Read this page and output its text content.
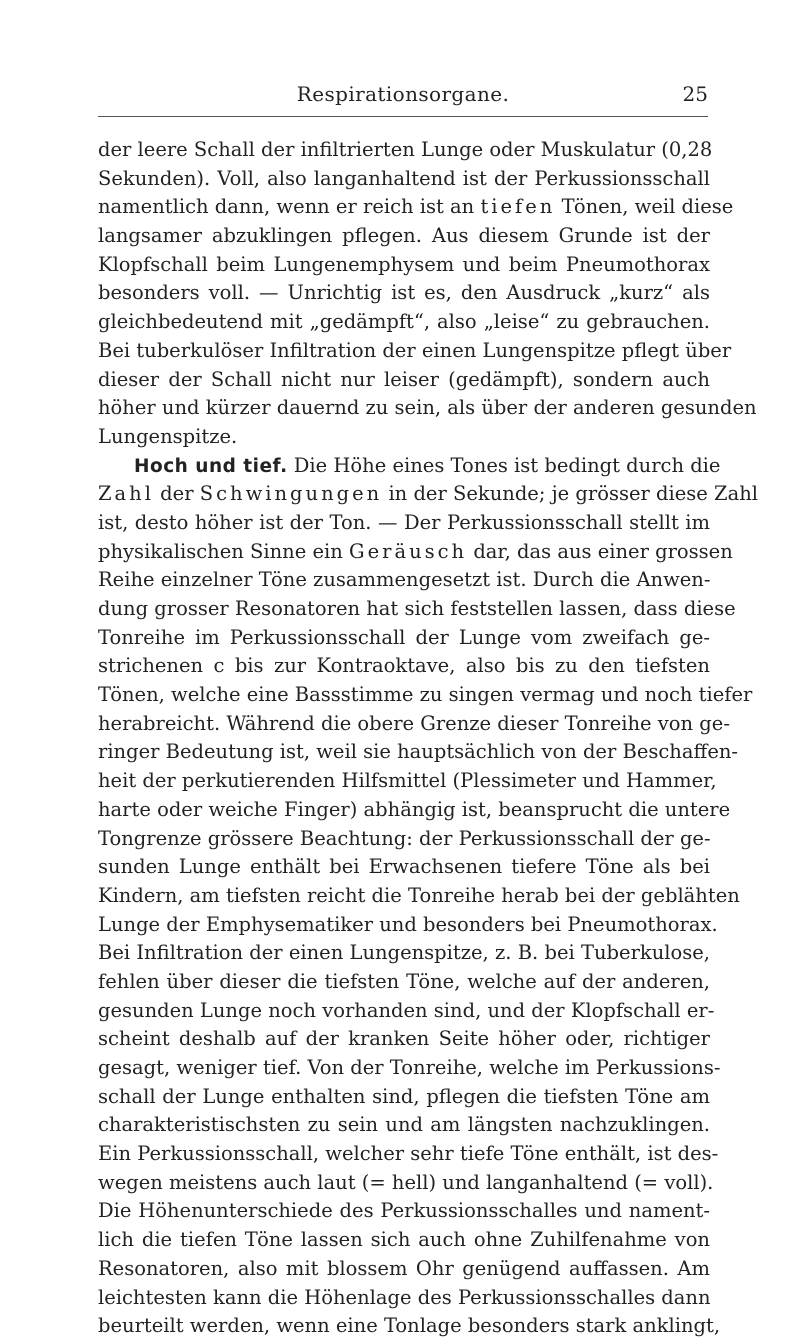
Respirationsorgane.	25
der leere Schall der infiltrierten Lunge oder Muskulatur (0,28
Sekunden). Voll, also langanhaltend ist der Perkussionsschall
namentlich dann, wenn er reich ist an tiefen Tönen, weil diese
langsamer abzuklingen pflegen. Aus diesem Grunde ist der
Klopfschall beim Lungenemphysem und beim Pneumothorax
besonders voll. — Unrichtig ist es, den Ausdruck „kurz“ als
gleichbedeutend mit „gedämpft“, also „leise“ zu gebrauchen.
Bei tuberkulöser Infiltration der einen Lungenspitze pflegt über
dieser der Schall nicht nur leiser (gedämpft), sondern auch
höher und kürzer dauernd zu sein, als über der anderen gesunden
Lungenspitze.
Hoch und tief. Die Höhe eines Tones ist bedingt durch die
Zahl der Schwingungen in der Sekunde; je grösser diese Zahl
ist, desto höher ist der Ton. — Der Perkussionsschall stellt im
physikalischen Sinne ein Geräusch dar, das aus einer grossen
Reihe einzelner Töne zusammengesetzt ist. Durch die Anwen-
dung grosser Resonatoren hat sich feststellen lassen, dass diese
Tonreihe im Perkussionsschall der Lunge vom zweifach ge-
strichenen c bis zur Kontraoktave, also bis zu den tiefsten
Tönen, welche eine Bassstimme zu singen vermag und noch tiefer
herabreicht. Während die obere Grenze dieser Tonreihe von ge-
ringer Bedeutung ist, weil sie hauptsächlich von der Beschaffen-
heit der perkutierenden Hilfsmittel (Plessimeter und Hammer,
harte oder weiche Finger) abhängig ist, beansprucht die untere
Tongrenze grössere Beachtung: der Perkussionsschall der ge-
sunden Lunge enthält bei Erwachsenen tiefere Töne als bei
Kindern, am tiefsten reicht die Tonreihe herab bei der geblähten
Lunge der Emphysematiker und besonders bei Pneumothorax.
Bei Infiltration der einen Lungenspitze, z. B. bei Tuberkulose,
fehlen über dieser die tiefsten Töne, welche auf der anderen,
gesunden Lunge noch vorhanden sind, und der Klopfschall er-
scheint deshalb auf der kranken Seite höher oder, richtiger
gesagt, weniger tief. Von der Tonreihe, welche im Perkussions-
schall der Lunge enthalten sind, pflegen die tiefsten Töne am
charakteristischsten zu sein und am längsten nachzuklingen.
Ein Perkussionsschall, welcher sehr tiefe Töne enthält, ist des-
wegen meistens auch laut (= hell) und langanhaltend (= voll).
Die Höhenunterschiede des Perkussionsschalles und nament-
lich die tiefen Töne lassen sich auch ohne Zuhilfenahme von
Resonatoren, also mit blossem Ohr genügend auffassen. Am
leichtesten kann die Höhenlage des Perkussionsschalles dann
beurteilt werden, wenn eine Tonlage besonders stark anklingt,
